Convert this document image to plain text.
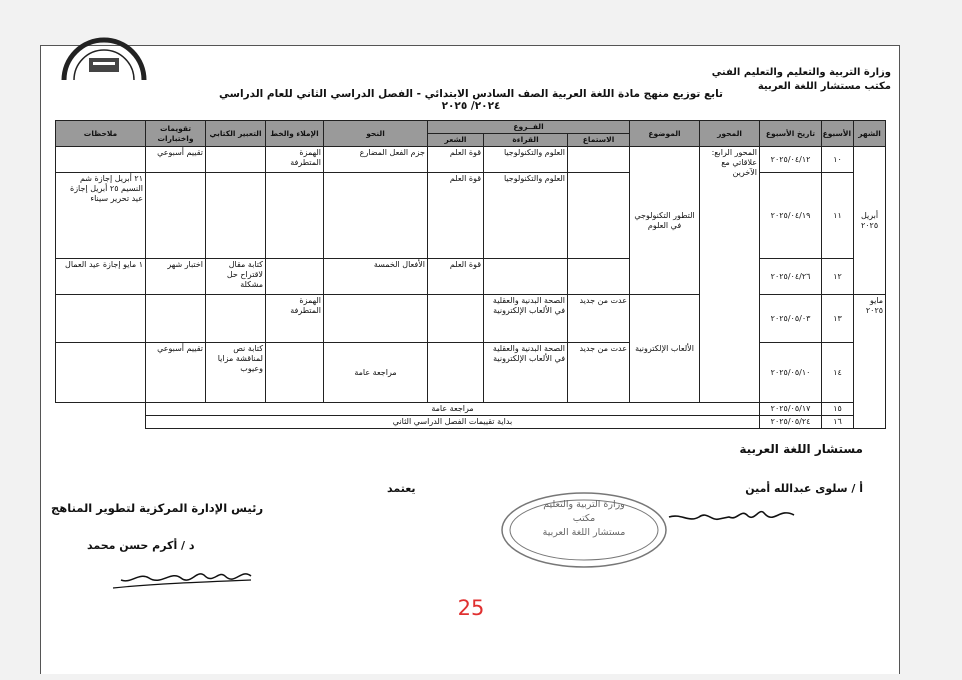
وزارة التربية والتعليم والتعليم الفني
مكتب مستشار اللغة العربية
تابع توزيع منهج مادة اللغة العربية الصف السادس الابتدائي - الفصل الدراسي الثاني للعام الدراسي ٢٠٢٤/ ٢٠٢٥
الشهر	الأسبوع	تاريخ الأسبوع	المحور	الموضوع	الفــروع			النحو	الإملاء والخط	التعبير الكتابي	تقويمات واختبارات	ملاحظات
					الاستماع	القراءة	الشعر					
أبريل ٢٠٢٥	١٠	٢٠٢٥/٠٤/١٢	المحور الرابع: علاقاتي مع الآخرين	التطور التكنولوجي في العلوم		العلوم والتكنولوجيا	قوة العلم	جزم الفعل المضارع	الهمزة المتطرفة		تقييم أسبوعي	
	١١	٢٠٢٥/٠٤/١٩				العلوم والتكنولوجيا	قوة العلم					٢١ أبريل إجازة شم النسيم ٢٥ أبريل إجازة عيد تحرير سيناء
	١٢	٢٠٢٥/٠٤/٢٦					قوة العلم	الأفعال الخمسة		كتابة مقال لاقتراح حل مشكلة	اختبار شهر	١ مايو إجازة عيد العمال
مايو ٢٠٢٥	١٣	٢٠٢٥/٠٥/٠٣		الألعاب الإلكترونية	عدت من جديد	الصحة البدنية والعقلية في الألعاب الإلكترونية			الهمزة المتطرفة			
	١٤	٢٠٢٥/٠٥/١٠			عدت من جديد	الصحة البدنية والعقلية في الألعاب الإلكترونية		مراجعة عامة		كتابة نص لمناقشة مزايا وعيوب	تقييم أسبوعي	
	١٥	٢٠٢٥/٠٥/١٧	مراجعة عامة									
	١٦	٢٠٢٥/٠٥/٢٤	بداية تقييمات الفصل الدراسي الثاني									
مستشار اللغة العربية
أ / سلوى عبدالله أمين
يعتمد
رئيس الإدارة المركزية لتطوير المناهج
د / أكرم حسن محمد
وزارة التربية والتعليم
مكتب
مستشار اللغة العربية
25
